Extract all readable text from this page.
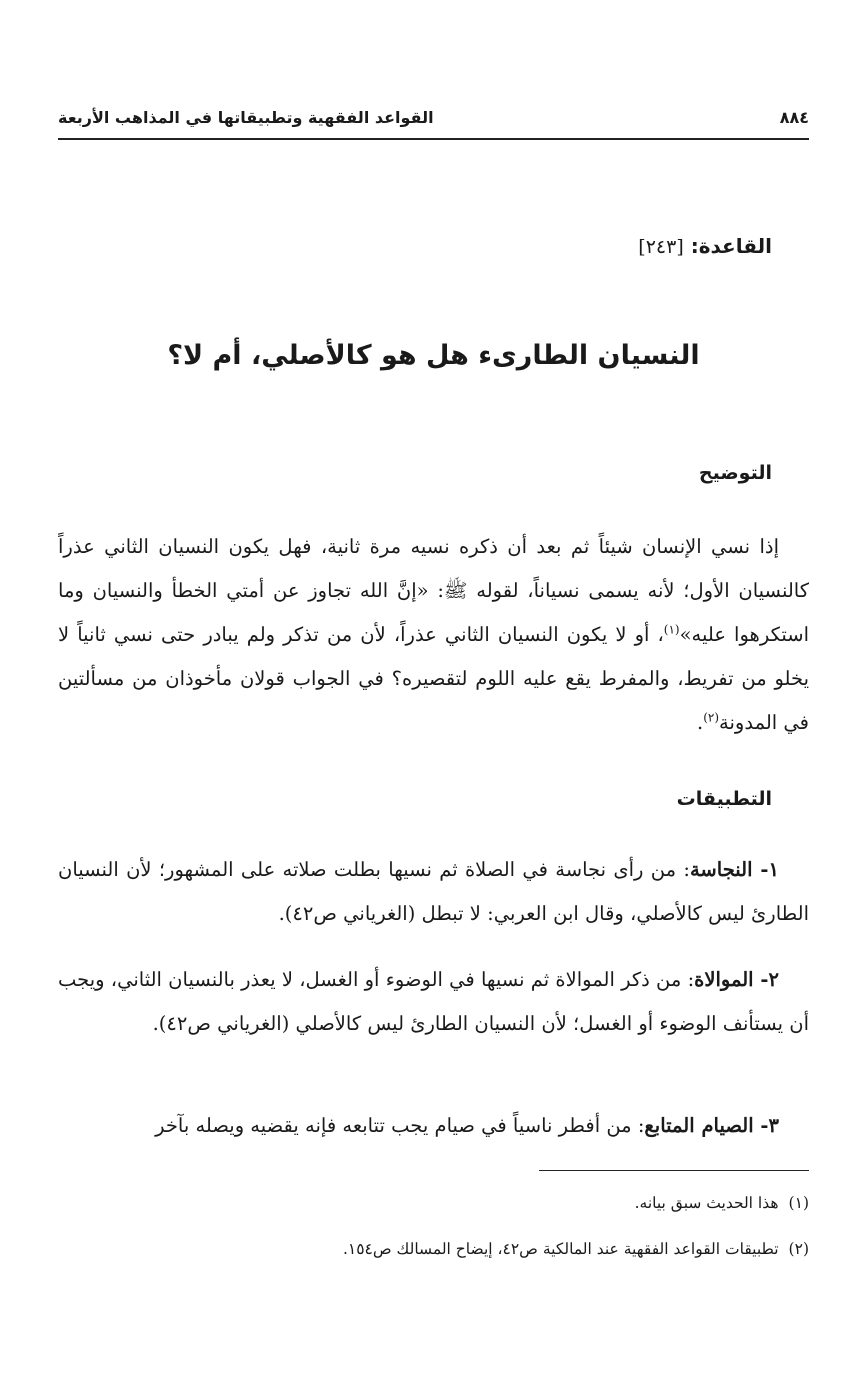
٨٨٤
القواعد الفقهية وتطبيقاتها في المذاهب الأربعة
القاعدة: [٢٤٣]
النسيان الطارىء هل هو كالأصلي، أم لا؟
التوضيح
إذا نسي الإنسان شيئاً ثم بعد أن ذكره نسيه مرة ثانية، فهل يكون النسيان الثاني عذراً كالنسيان الأول؛ لأنه يسمى نسياناً، لقوله ﷺ: «إنَّ الله تجاوز عن أمتي الخطأ والنسيان وما استكرهوا عليه»$^{(١)}$، أو لا يكون النسيان الثاني عذراً، لأن من تذكر ولم يبادر حتى نسي ثانياً لا يخلو من تفريط، والمفرط يقع عليه اللوم لتقصيره؟ في الجواب قولان مأخوذان من مسألتين في المدونة$^{(٢)}$.
التطبيقات
١- النجاسة: من رأى نجاسة في الصلاة ثم نسيها بطلت صلاته على المشهور؛ لأن النسيان الطارئ ليس كالأصلي، وقال ابن العربي: لا تبطل (الغرياني ص٤٢).
٢- الموالاة: من ذكر الموالاة ثم نسيها في الوضوء أو الغسل، لا يعذر بالنسيان الثاني، ويجب أن يستأنف الوضوء أو الغسل؛ لأن النسيان الطارئ ليس كالأصلي (الغرياني ص٤٢).
٣- الصيام المتابع: من أفطر ناسياً في صيام يجب تتابعه فإنه يقضيه ويصله بآخر
(١)هذا الحديث سبق بيانه.
(٢)تطبيقات القواعد الفقهية عند المالكية ص٤٢، إيضاح المسالك ص١٥٤.
